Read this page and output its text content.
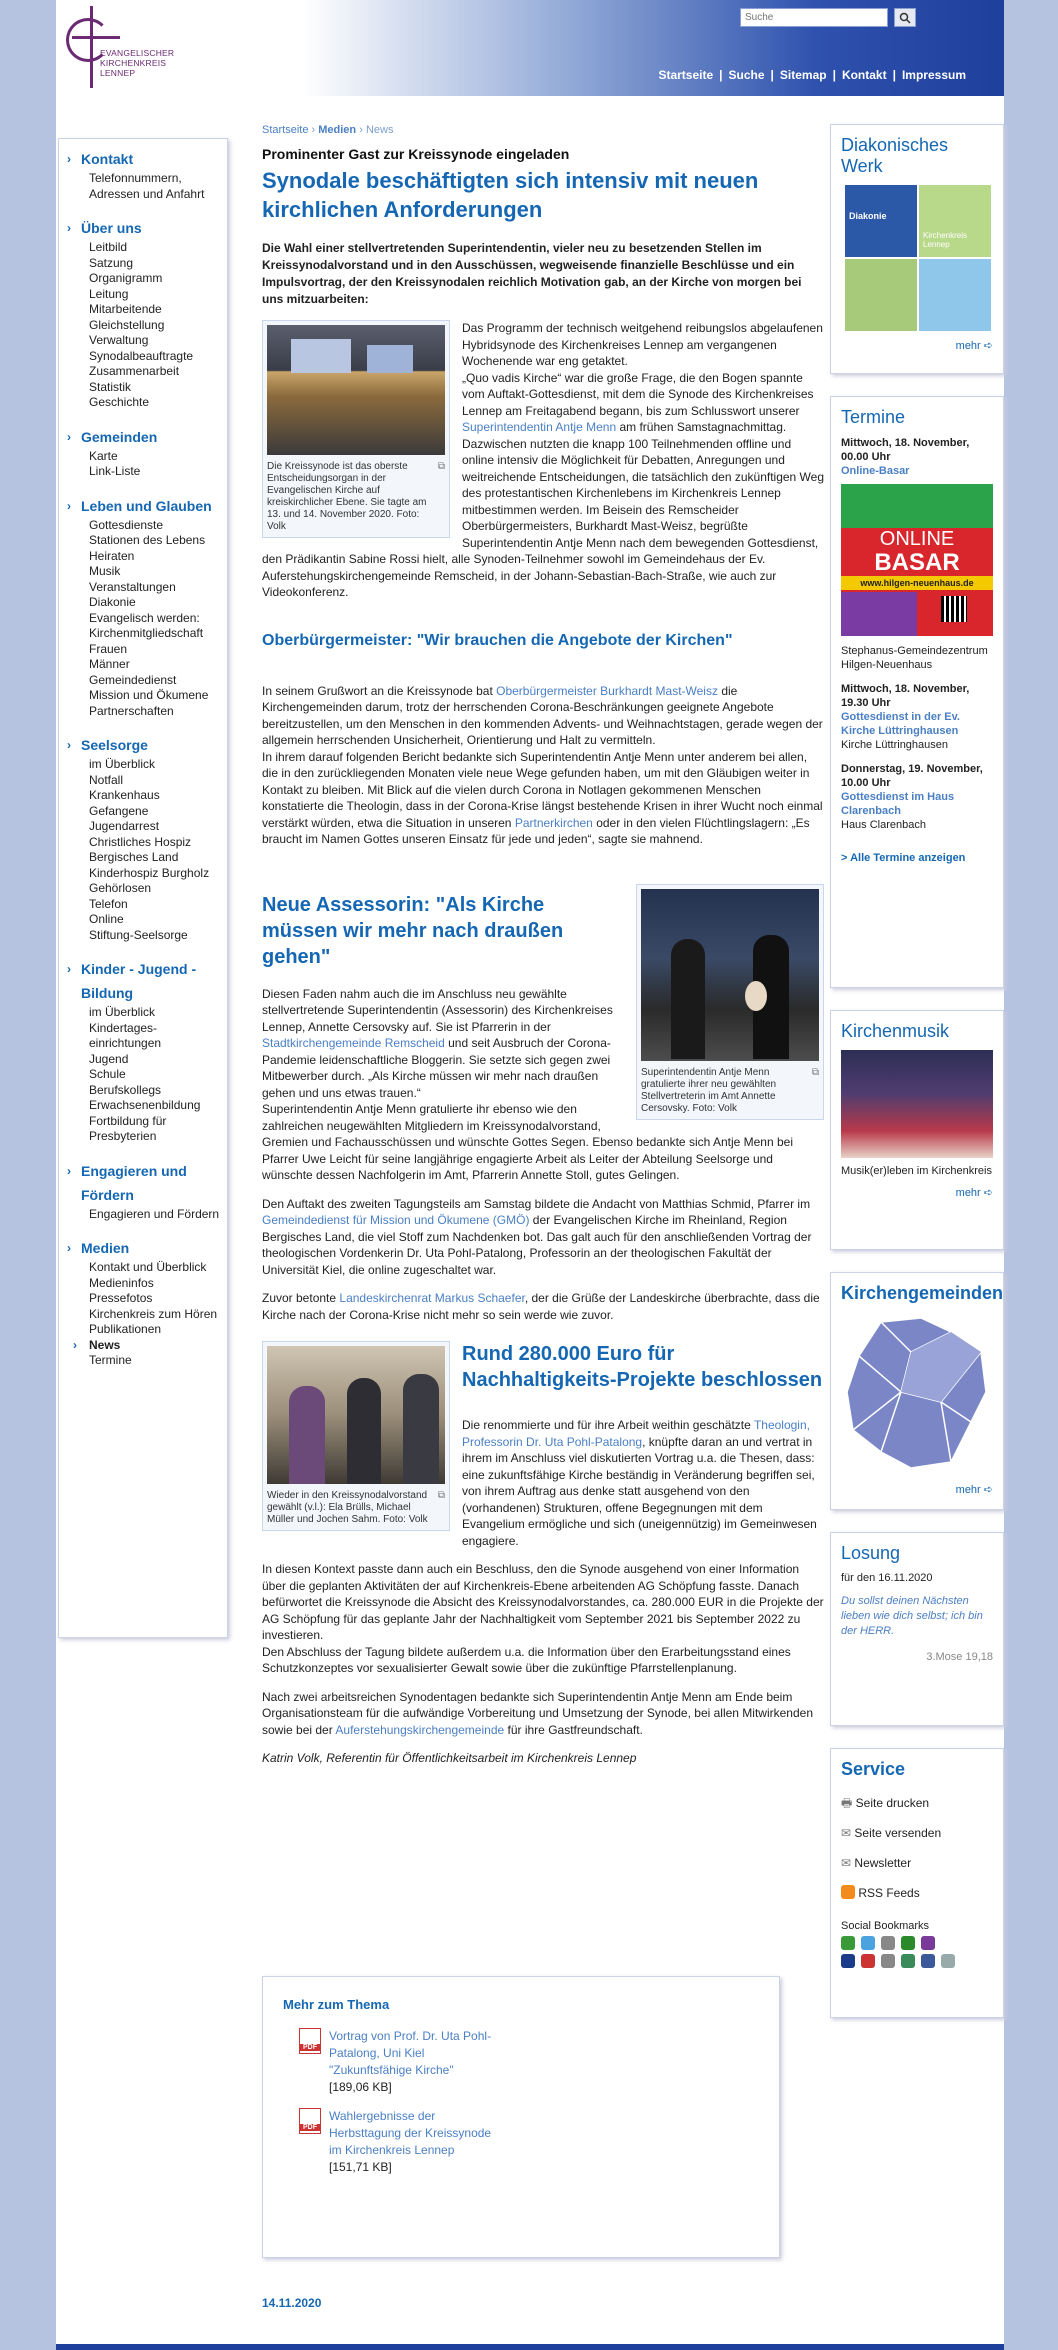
EVANGELISCHER
KIRCHENKREIS
LENNEP
Suche	Startseite | Suche | Sitemap | Kontakt | Impressum
› Kontakt
Telefonnummern,
Adressen und Anfahrt
› Über uns
Leitbild
Satzung
Organigramm
Leitung
Mitarbeitende
Gleichstellung
Verwaltung
Synodalbeauftragte
Zusammenarbeit
Statistik
Geschichte
› Gemeinden
Karte
Link-Liste
› Leben und Glauben
Gottesdienste
Stationen des Lebens
Heiraten
Musik
Veranstaltungen
Diakonie
Evangelisch werden:
Kirchenmitgliedschaft
Frauen
Männer
Gemeindedienst
Mission und Ökumene
Partnerschaften
› Seelsorge
im Überblick
Notfall
Krankenhaus
Gefangene
Jugendarrest
Christliches Hospiz
Bergisches Land
Kinderhospiz Burgholz
Gehörlosen
Telefon
Online
Stiftung-Seelsorge
› Kinder - Jugend -
Bildung
im Überblick
Kindertages-
einrichtungen
Jugend
Schule
Berufskollegs
Erwachsenenbildung
Fortbildung für
Presbyterien
› Engagieren und
Fördern
Engagieren und Fördern
› Medien
Kontakt und Überblick
Medieninfos
Pressefotos
Kirchenkreis zum Hören
Publikationen
› News
Termine
Startseite › Medien › News
Prominenter Gast zur Kreissynode eingeladen
Synodale beschäftigten sich intensiv mit neuen kirchlichen Anforderungen
Die Wahl einer stellvertretenden Superintendentin, vieler neu zu besetzenden Stellen im Kreissynodalvorstand und in den Ausschüssen, wegweisende finanzielle Beschlüsse und ein Impulsvortrag, der den Kreissynodalen reichlich Motivation gab, an der Kirche von morgen bei uns mitzuarbeiten:
Die Kreissynode ist das oberste Entscheidungsorgan in der Evangelischen Kirche auf kreiskirchlicher Ebene. Sie tagte am 13. und 14. November 2020. Foto: Volk
⧉

Das Programm der technisch weitgehend reibungslos abgelaufenen Hybridsynode des Kirchenkreises Lennep am vergangenen Wochenende war eng getaktet.
„Quo vadis Kirche“ war die große Frage, die den Bogen spannte vom Auftakt-Gottesdienst, mit dem die Synode des Kirchenkreises Lennep am Freitagabend begann, bis zum Schlusswort unserer Superintendentin Antje Menn am frühen Samstagnachmittag. Dazwischen nutzten die knapp 100 Teilnehmenden offline und online intensiv die Möglichkeit für Debatten, Anregungen und weitreichende Entscheidungen, die tatsächlich den zukünftigen Weg des protestantischen Kirchenlebens im Kirchenkreis Lennep mitbestimmen werden. Im Beisein des Remscheider Oberbürgermeisters, Burkhardt Mast-Weisz, begrüßte Superintendentin Antje Menn nach dem bewegenden Gottesdienst, den Prädikantin Sabine Rossi hielt, alle Synoden-Teilnehmer sowohl im Gemeindehaus der Ev. Auferstehungskirchengemeinde Remscheid, in der Johann-Sebastian-Bach-Straße, wie auch zur Videokonferenz.

Oberbürgermeister: "Wir brauchen die Angebote der Kirchen"

In seinem Grußwort an die Kreissynode bat Oberbürgermeister Burkhardt Mast-Weisz die Kirchengemeinden darum, trotz der herrschenden Corona-Beschränkungen geeignete Angebote bereitzustellen, um den Menschen in den kommenden Advents- und Weihnachtstagen, gerade wegen der allgemein herrschenden Unsicherheit, Orientierung und Halt zu vermitteln.
In ihrem darauf folgenden Bericht bedankte sich Superintendentin Antje Menn unter anderem bei allen, die in den zurückliegenden Monaten viele neue Wege gefunden haben, um mit den Gläubigen weiter in Kontakt zu bleiben. Mit Blick auf die vielen durch Corona in Notlagen gekommenen Menschen konstatierte die Theologin, dass in der Corona-Krise längst bestehende Krisen in ihrer Wucht noch einmal verstärkt würden, etwa die Situation in unseren Partnerkirchen oder in den vielen Flüchtlingslagern: „Es braucht im Namen Gottes unseren Einsatz für jede und jeden“, sagte sie mahnend.

Superintendentin Antje Menn gratulierte ihrer neu gewählten Stellvertreterin im Amt Annette Cersovsky. Foto: Volk
⧉
Neue Assessorin: "Als Kirche müssen wir mehr nach draußen gehen"

Diesen Faden nahm auch die im Anschluss neu gewählte stellvertretende Superintendentin (Assessorin) des Kirchenkreises Lennep, Annette Cersovsky auf. Sie ist Pfarrerin in der Stadtkirchengemeinde Remscheid und seit Ausbruch der Corona-Pandemie leidenschaftliche Bloggerin. Sie setzte sich gegen zwei Mitbewerber durch. „Als Kirche müssen wir mehr nach draußen gehen und uns etwas trauen.“
Superintendentin Antje Menn gratulierte ihr ebenso wie den zahlreichen neugewählten Mitgliedern im Kreissynodalvorstand, Gremien und Fachausschüssen und wünschte Gottes Segen. Ebenso bedankte sich Antje Menn bei Pfarrer Uwe Leicht für seine langjährige engagierte Arbeit als Leiter der Abteilung Seelsorge und wünschte dessen Nachfolgerin im Amt, Pfarrerin Annette Stoll, gutes Gelingen.

Den Auftakt des zweiten Tagungsteils am Samstag bildete die Andacht von Matthias Schmid, Pfarrer im Gemeindedienst für Mission und Ökumene (GMÖ) der Evangelischen Kirche im Rheinland, Region Bergisches Land, die viel Stoff zum Nachdenken bot. Das galt auch für den anschließenden Vortrag der theologischen Vordenkerin Dr. Uta Pohl-Patalong, Professorin an der theologischen Fakultät der Universität Kiel, die online zugeschaltet war.

Zuvor betonte Landeskirchenrat Markus Schaefer, der die Grüße der Landeskirche überbrachte, dass die Kirche nach der Corona-Krise nicht mehr so sein werde wie zuvor.

Wieder in den Kreissynodalvorstand gewählt (v.l.): Ela Brülls, Michael Müller und Jochen Sahm. Foto: Volk
⧉
Rund 280.000 Euro für Nachhaltigkeits-Projekte beschlossen

Die renommierte und für ihre Arbeit weithin geschätzte Theologin, Professorin Dr. Uta Pohl-Patalong, knüpfte daran an und vertrat in ihrem im Anschluss viel diskutierten Vortrag u.a. die Thesen, dass: eine zukunftsfähige Kirche beständig in Veränderung begriffen sei, von ihrem Auftrag aus denke statt ausgehend von den (vorhandenen) Strukturen, offene Begegnungen mit dem Evangelium ermögliche und sich (uneigennützig) im Gemeinwesen engagiere.

In diesen Kontext passte dann auch ein Beschluss, den die Synode ausgehend von einer Information über die geplanten Aktivitäten der auf Kirchenkreis-Ebene arbeitenden AG Schöpfung fasste. Danach befürwortet die Kreissynode die Absicht des Kreissynodalvorstandes, ca. 280.000 EUR in die Projekte der AG Schöpfung für das geplante Jahr der Nachhaltigkeit vom September 2021 bis September 2022 zu investieren.
Den Abschluss der Tagung bildete außerdem u.a. die Information über den Erarbeitungsstand eines Schutzkonzeptes vor sexualisierter Gewalt sowie über die zukünftige Pfarrstellenplanung.

Nach zwei arbeitsreichen Synodentagen bedankte sich Superintendentin Antje Menn am Ende beim Organisationsteam für die aufwändige Vorbereitung und Umsetzung der Synode, bei allen Mitwirkenden sowie bei der Auferstehungskirchengemeinde für ihre Gastfreundschaft.

Katrin Volk, Referentin für Öffentlichkeitsarbeit im Kirchenkreis Lennep

Mehr zum Thema
PDF
Vortrag von Prof. Dr. Uta Pohl-Patalong, Uni Kiel "Zukunftsfähige Kirche"
[189,06 KB]
PDF
Wahlergebnisse der Herbsttagung der Kreissynode im Kirchenkreis Lennep
[151,71 KB]
14.11.2020
Diakonisches Werk
Diakonie
Kirchenkreis Lennep
mehr ➪
Termine
Mittwoch, 18. November, 00.00 Uhr
Online-Basar
ONLINE
BASAR
www.hilgen-neuenhaus.de
Stephanus-Gemeindezentrum Hilgen-Neuenhaus
Mittwoch, 18. November, 19.30 Uhr
Gottesdienst in der Ev. Kirche Lüttringhausen
Kirche Lüttringhausen
Donnerstag, 19. November, 10.00 Uhr
Gottesdienst im Haus Clarenbach
Haus Clarenbach
> Alle Termine anzeigen
Kirchenmusik
Musik(er)leben im Kirchenkreis
mehr ➪
Kirchengemeinden
mehr ➪
Losung
für den 16.11.2020
Du sollst deinen Nächsten lieben wie dich selbst; ich bin der HERR.
3.Mose 19,18
Service
🖶 Seite drucken
✉ Seite versenden
✉ Newsletter
RSS Feeds
Social Bookmarks
